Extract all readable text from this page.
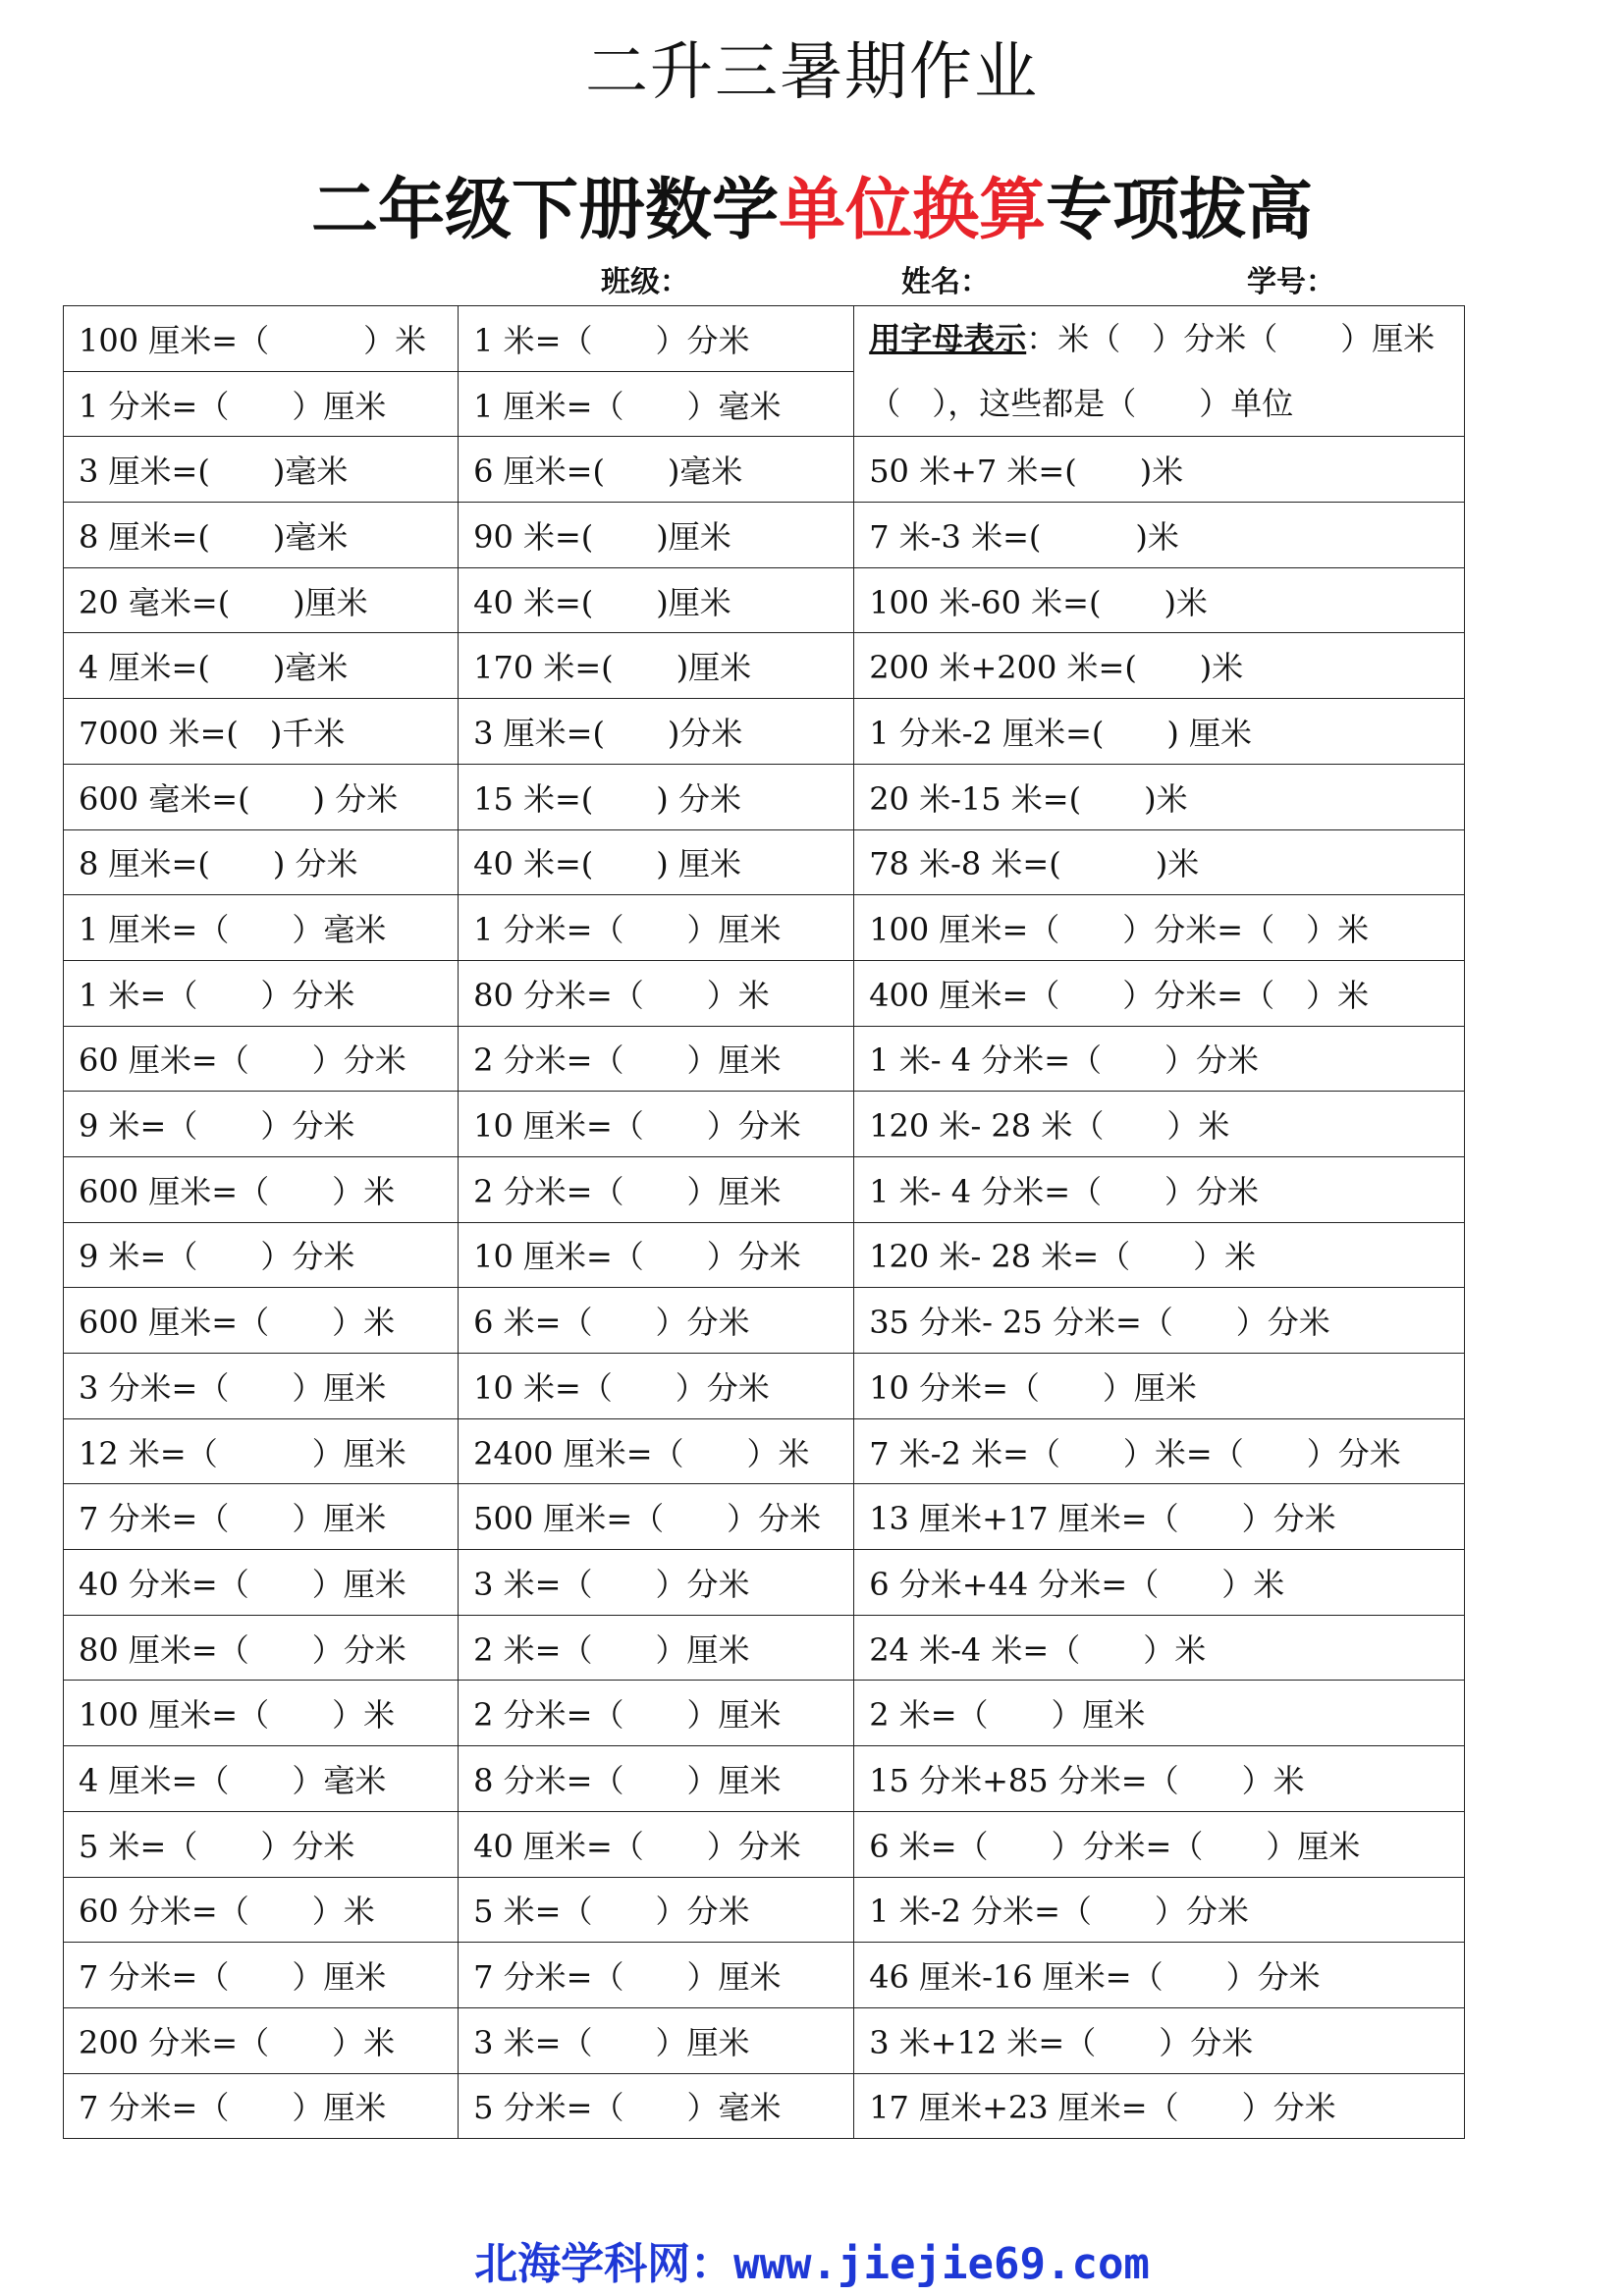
二升三暑期作业
二年级下册数学单位换算专项拔高
班级：	姓名：	学号：
100 厘米=（　　　）米	1 米=（　　）分米	用字母表示：米（　）分米（　　）厘米
（　），这些都是（　　）单位
1 分米=（　　）厘米	1 厘米=（　　）毫米	
3 厘米=(　　)毫米	6 厘米=(　　)毫米	50 米+7 米=(　　)米
8 厘米=(　　)毫米	90 米=(　　)厘米	7 米-3 米=(　　　)米
20 毫米=(　　)厘米	40 米=(　　)厘米	100 米-60 米=(　　)米
4 厘米=(　　)毫米	170 米=(　　)厘米	200 米+200 米=(　　)米
7000 米=(　)千米	3 厘米=(　　)分米	1 分米-2 厘米=(　　) 厘米
600 毫米=(　　) 分米	15 米=(　　) 分米	20 米-15 米=(　　)米
8 厘米=(　　) 分米	40 米=(　　) 厘米	78 米-8 米=(　　　)米
1 厘米=（　　）毫米	1 分米=（　　）厘米	100 厘米=（　　）分米=（　）米
1 米=（　　）分米	80 分米=（　　）米	400 厘米=（　　）分米=（　）米
60 厘米=（　　）分米	2 分米=（　　）厘米	1 米- 4 分米=（　　）分米
9 米=（　　）分米	10 厘米=（　　）分米	120 米- 28 米（　　）米
600 厘米=（　　）米	2 分米=（　　）厘米	1 米- 4 分米=（　　）分米
9 米=（　　）分米	10 厘米=（　　）分米	120 米- 28 米=（　　）米
600 厘米=（　　）米	6 米=（　　）分米	35 分米- 25 分米=（　　）分米
3 分米=（　　）厘米	10 米=（　　）分米	10 分米=（　　）厘米
12 米=（　　　）厘米	2400 厘米=（　　）米	7 米-2 米=（　　）米=（　　）分米
7 分米=（　　）厘米	500 厘米=（　　）分米	13 厘米+17 厘米=（　　）分米
40 分米=（　　）厘米	3 米=（　　）分米	6 分米+44 分米=（　　）米
80 厘米=（　　）分米	2 米=（　　）厘米	24 米-4 米=（　　）米
100 厘米=（　　）米	2 分米=（　　）厘米	2 米=（　　）厘米
4 厘米=（　　）毫米	8 分米=（　　）厘米	15 分米+85 分米=（　　）米
5 米=（　　）分米	40 厘米=（　　）分米	6 米=（　　）分米=（　　）厘米
60 分米=（　　）米	5 米=（　　）分米	1 米-2 分米=（　　）分米
7 分米=（　　）厘米	7 分米=（　　）厘米	46 厘米-16 厘米=（　　）分米
200 分米=（　　）米	3 米=（　　）厘米	3 米+12 米=（　　）分米
7 分米=（　　）厘米	5 分米=（　　）毫米	17 厘米+23 厘米=（　　）分米
北海学科网：www.jiejie69.com
